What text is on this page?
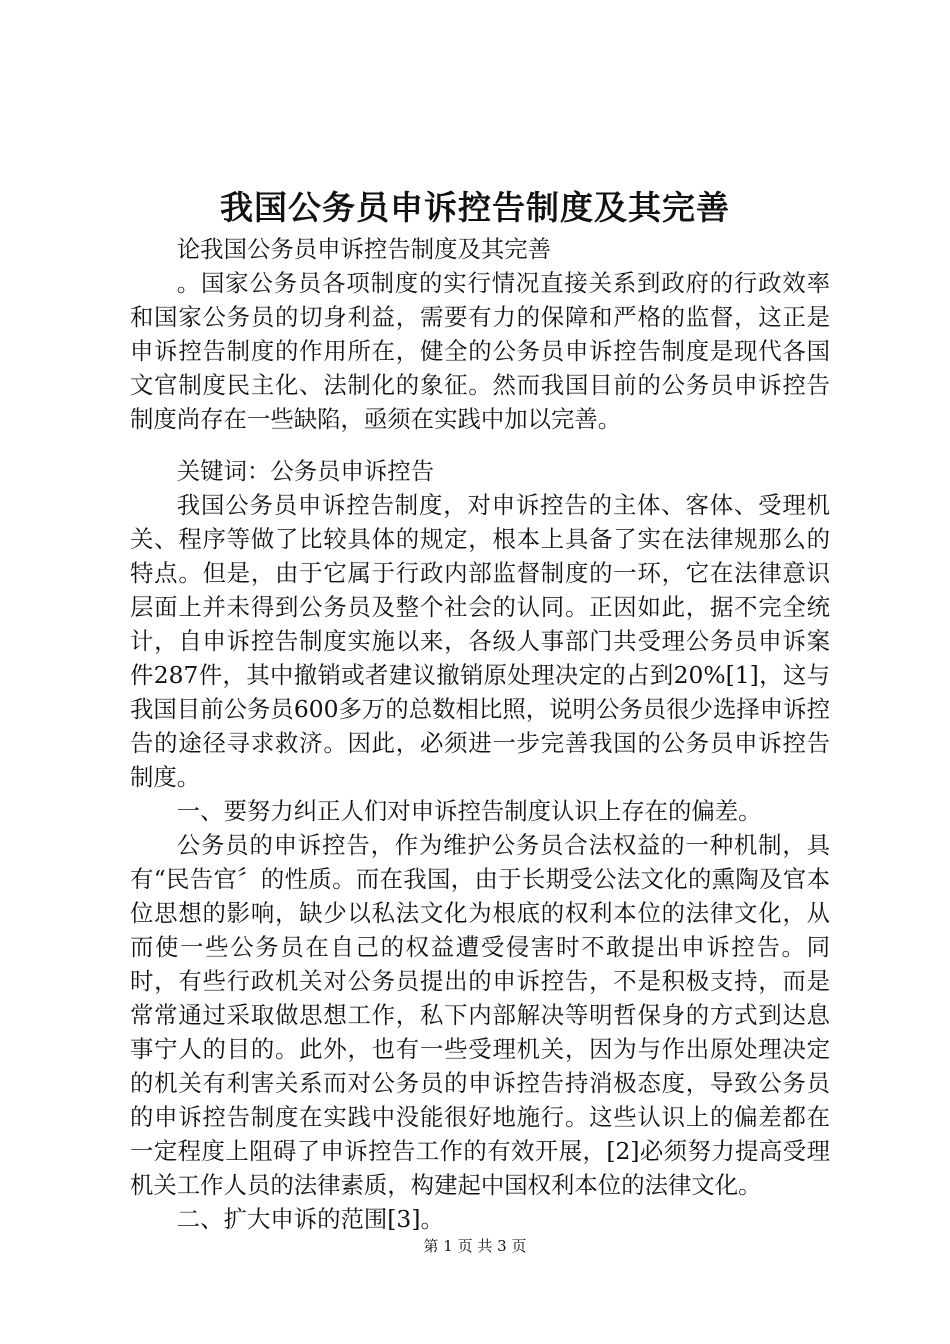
我国公务员申诉控告制度及其完善

论我国公务员申诉控告制度及其完善

。国家公务员各项制度的实行情况直接关系到政府的行政效率和国家公务员的切身利益，需要有力的保障和严格的监督，这正是申诉控告制度的作用所在，健全的公务员申诉控告制度是现代各国文官制度民主化、法制化的象征。然而我国目前的公务员申诉控告制度尚存在一些缺陷，亟须在实践中加以完善。

关键词：公务员申诉控告

我国公务员申诉控告制度，对申诉控告的主体、客体、受理机关、程序等做了比较具体的规定，根本上具备了实在法律规那么的特点。但是，由于它属于行政内部监督制度的一环，它在法律意识层面上并未得到公务员及整个社会的认同。正因如此，据不完全统计，自申诉控告制度实施以来，各级人事部门共受理公务员申诉案件287件，其中撤销或者建议撤销原处理决定的占到20%[1]，这与我国目前公务员600多万的总数相比照，说明公务员很少选择申诉控告的途径寻求救济。因此，必须进一步完善我国的公务员申诉控告制度。

一、要努力纠正人们对申诉控告制度认识上存在的偏差。

公务员的申诉控告，作为维护公务员合法权益的一种机制，具有“民告官〞的性质。而在我国，由于长期受公法文化的熏陶及官本位思想的影响，缺少以私法文化为根底的权利本位的法律文化，从而使一些公务员在自己的权益遭受侵害时不敢提出申诉控告。同时，有些行政机关对公务员提出的申诉控告，不是积极支持，而是常常通过采取做思想工作，私下内部解决等明哲保身的方式到达息事宁人的目的。此外，也有一些受理机关，因为与作出原处理决定的机关有利害关系而对公务员的申诉控告持消极态度，导致公务员的申诉控告制度在实践中没能很好地施行。这些认识上的偏差都在一定程度上阻碍了申诉控告工作的有效开展，[2]必须努力提高受理机关工作人员的法律素质，构建起中国权利本位的法律文化。

二、扩大申诉的范围[3]。

第 1 页 共 3 页
